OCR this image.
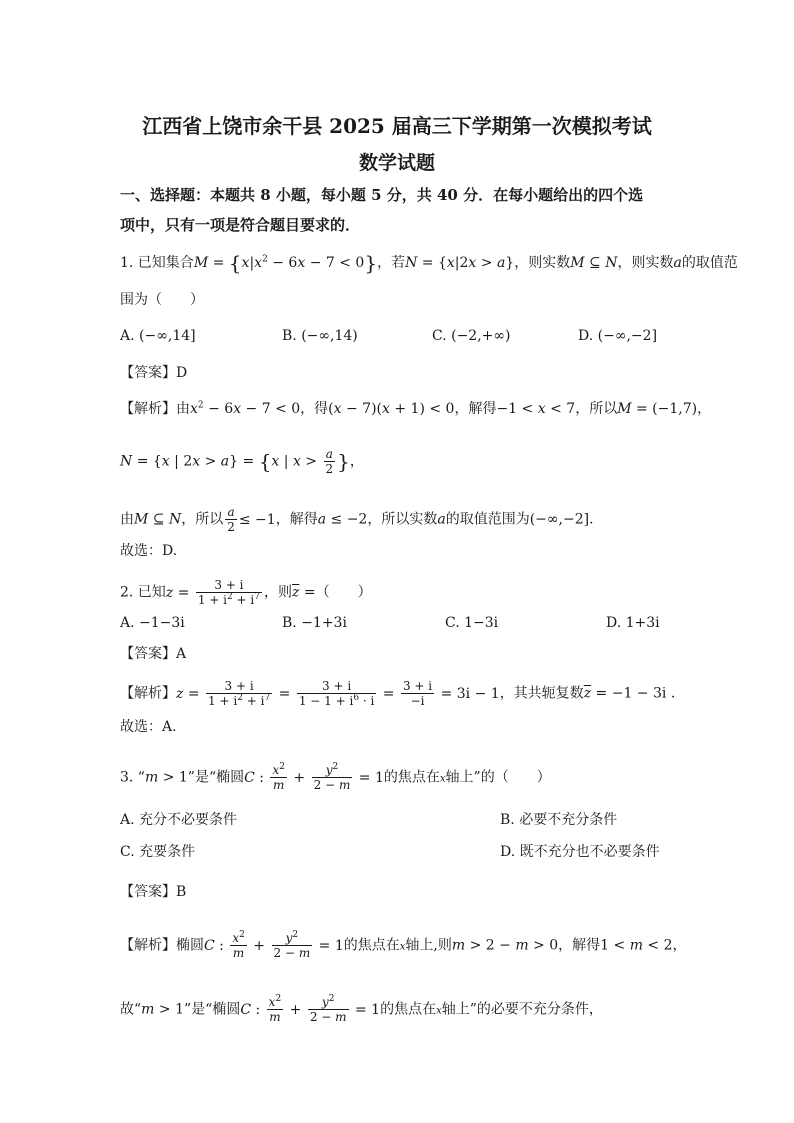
江西省上饶市余干县 2025 届高三下学期第一次模拟考试
数学试题
一、选择题：本题共 8 小题，每小题 5 分，共 40 分．在每小题给出的四个选
项中，只有一项是符合题目要求的．
1. 已知集合$M = \{x|x^2 - 6x - 7 < 0\}$，若N = {x|2x > a}，则实数M ⊆ N，则实数a的取值范
围为（　　）
A. (−∞,14]	B. (−∞,14)	C. (−2,+∞)	D. (−∞,−2]
【答案】D
【解析】由$x^2 - 6x - 7 < 0$，得(x − 7)(x + 1) < 0，解得−1 < x < 7，所以M = (−1,7)，
N = {x | 2x > a} = {x | $x > \frac{a}{2}$ }，
由M ⊆ N，所以 $\frac{a}{2} \le -1$，解得a ≤ −2，所以实数a的取值范围为(−∞,−2].
故选：D.
2. 已知$z = \frac{3 + i}{1 + i^2 + i^7}$ ，则$\overline{z}$ =（　　）
A. −1−3i	B. −1+3i	C. 1−3i	D. 1+3i
【答案】A
【解析】$z = \frac{3 + i}{1 + i^2 + i^7} = \frac{3 + i}{1 - 1 + i^6 \cdot i} = \frac{3 + i}{-i} = 3i - 1$，其共轭复数$\overline{z} = -1 - 3i$ .
故选：A.
3. “m > 1”是“椭圆C : $\frac{x^2}{m} + \frac{y^2}{2 - m} = 1$的焦点在x轴上”的（　　）
A. 充分不必要条件	B. 必要不充分条件
C. 充要条件	D. 既不充分也不必要条件
【答案】B
【解析】椭圆C : $\frac{x^2}{m} + \frac{y^2}{2 - m} = 1$的焦点在x轴上,则m > 2 − m > 0，解得1 < m < 2，
故“m > 1”是“椭圆C : $\frac{x^2}{m} + \frac{y^2}{2 - m} = 1$的焦点在x轴上”的必要不充分条件，
